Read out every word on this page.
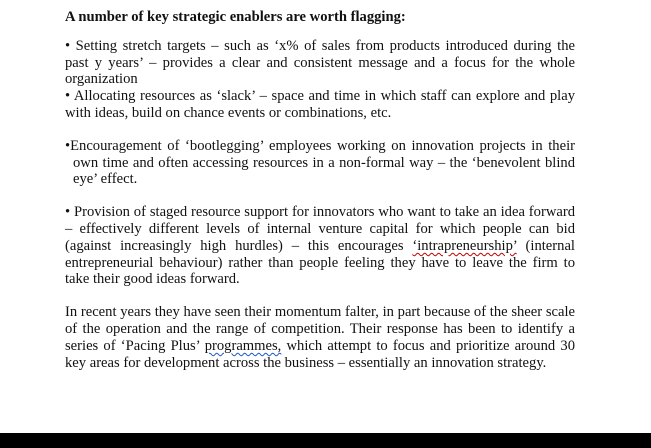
A number of key strategic enablers are worth flagging:

• Setting stretch targets – such as ‘x% of sales from products introduced during the past y years’ – provides a clear and consistent message and a focus for the whole organization

• Allocating resources as ‘slack’ – space and time in which staff can explore and play with ideas, build on chance events or combinations, etc.

•Encouragement of ‘bootlegging’ employees working on innovation projects in their own time and often accessing resources in a non-formal way – the ‘benevolent blind eye’ effect.

• Provision of staged resource support for innovators who want to take an idea forward – effectively different levels of internal venture capital for which people can bid (against increasingly high hurdles) – this encourages ‘intrapreneurship’ (internal entrepreneurial behaviour) rather than people feeling they have to leave the firm to take their good ideas forward.

In recent years they have seen their momentum falter, in part because of the sheer scale of the operation and the range of competition. Their response has been to identify a series of ‘Pacing Plus’ programmes, which attempt to focus and prioritize around 30 key areas for development across the business – essentially an innovation strategy.
